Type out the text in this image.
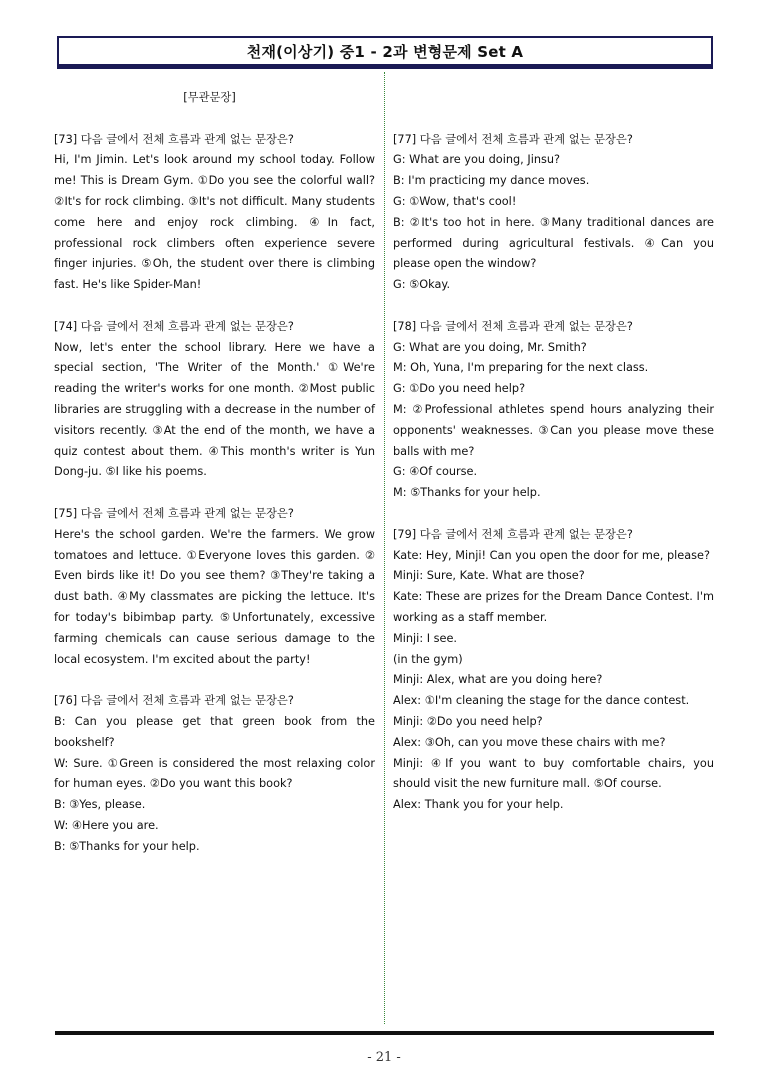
천재(이상기) 중1 - 2과 변형문제 Set A
[무관문장]
[73] 다음 글에서 전체 흐름과 관계 없는 문장은?
Hi, I'm Jimin. Let's look around my school today. Follow me! This is Dream Gym. ①Do you see the colorful wall? ②It's for rock climbing. ③It's not difficult. Many students come here and enjoy rock climbing. ④In fact, professional rock climbers often experience severe finger injuries. ⑤Oh, the student over there is climbing fast. He's like Spider-Man!
[74] 다음 글에서 전체 흐름과 관계 없는 문장은?
Now, let's enter the school library. Here we have a special section, 'The Writer of the Month.' ①We're reading the writer's works for one month. ②Most public libraries are struggling with a decrease in the number of visitors recently. ③At the end of the month, we have a quiz contest about them. ④This month's writer is Yun Dong-ju. ⑤I like his poems.
[75] 다음 글에서 전체 흐름과 관계 없는 문장은?
Here's the school garden. We're the farmers. We grow tomatoes and lettuce. ①Everyone loves this garden. ② Even birds like it! Do you see them? ③They're taking a dust bath. ④My classmates are picking the lettuce. It's for today's bibimbap party. ⑤Unfortunately, excessive farming chemicals can cause serious damage to the local ecosystem. I'm excited about the party!
[76] 다음 글에서 전체 흐름과 관계 없는 문장은?
B: Can you please get that green book from the bookshelf?
W: Sure. ①Green is considered the most relaxing color for human eyes. ②Do you want this book?
B: ③Yes, please.
W: ④Here you are.
B: ⑤Thanks for your help.
[77] 다음 글에서 전체 흐름과 관계 없는 문장은?
G: What are you doing, Jinsu?
B: I'm practicing my dance moves.
G: ①Wow, that's cool!
B: ②It's too hot in here. ③Many traditional dances are performed during agricultural festivals. ④Can you please open the window?
G: ⑤Okay.
[78] 다음 글에서 전체 흐름과 관계 없는 문장은?
G: What are you doing, Mr. Smith?
M: Oh, Yuna, I'm preparing for the next class.
G: ①Do you need help?
M: ②Professional athletes spend hours analyzing their opponents' weaknesses. ③Can you please move these balls with me?
G: ④Of course.
M: ⑤Thanks for your help.
[79] 다음 글에서 전체 흐름과 관계 없는 문장은?
Kate: Hey, Minji! Can you open the door for me, please?
Minji: Sure, Kate. What are those?
Kate: These are prizes for the Dream Dance Contest. I'm working as a staff member.
Minji: I see.
(in the gym)
Minji: Alex, what are you doing here?
Alex: ①I'm cleaning the stage for the dance contest.
Minji: ②Do you need help?
Alex: ③Oh, can you move these chairs with me?
Minji: ④If you want to buy comfortable chairs, you should visit the new furniture mall. ⑤Of course.
Alex: Thank you for your help.
- 21 -
